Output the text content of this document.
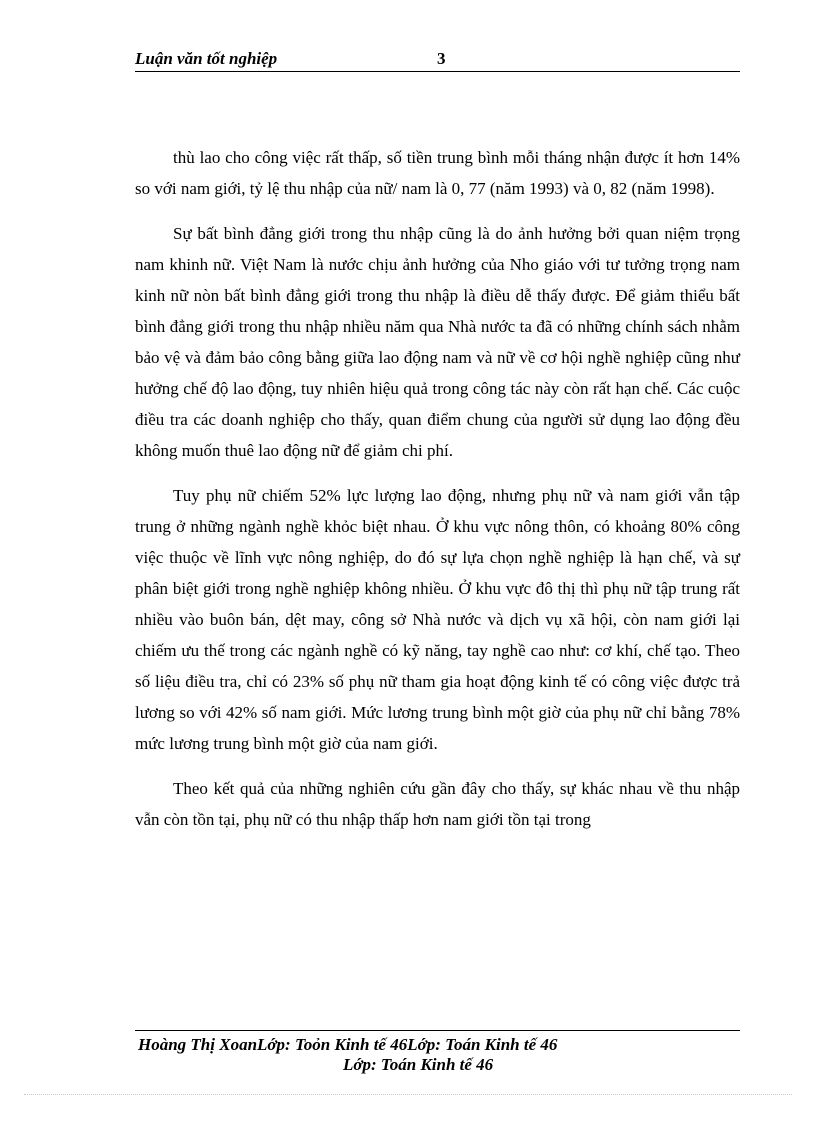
Luận văn tốt nghiệp	3

thù lao cho công việc rất thấp, số tiền trung bình mỗi tháng nhận được ít hơn 14% so với nam giới, tỷ lệ thu nhập của nữ/ nam là 0, 77 (năm 1993) và 0, 82 (năm 1998).

Sự bất bình đẳng giới trong thu nhập cũng là do ảnh hưởng bởi quan niệm trọng nam khinh nữ. Việt Nam là nước chịu ảnh hưởng của Nho giáo với tư tưởng trọng nam kinh nữ nòn bất bình đẳng giới trong thu nhập là điều dễ thấy được. Để giảm thiểu bất bình đẳng giới trong thu nhập nhiều năm qua Nhà nước ta đã có những chính sách nhằm bảo vệ và đảm bảo công bằng giữa lao động nam và nữ về cơ hội nghề nghiệp cũng như hưởng chế độ lao động, tuy nhiên hiệu quả trong công tác này còn rất hạn chế. Các cuộc điều tra các doanh nghiệp cho thấy, quan điểm chung của người sử dụng lao động đều không muốn thuê lao động nữ để giảm chi phí.

Tuy phụ nữ chiếm 52% lực lượng lao động, nhưng phụ nữ và nam giới vẫn tập trung ở những ngành nghề khỏc biệt nhau. Ở khu vực nông thôn, có khoảng 80% công việc thuộc về lĩnh vực nông nghiệp, do đó sự lựa chọn nghề nghiệp là hạn chế, và sự phân biệt giới trong nghề nghiệp không nhiều. Ở khu vực đô thị thì phụ nữ tập trung rất nhiều vào buôn bán, dệt may, công sở Nhà nước và dịch vụ xã hội, còn nam giới lại chiếm ưu thế trong các ngành nghề có kỹ năng, tay nghề cao như: cơ khí, chế tạo. Theo số liệu điều tra, chỉ có 23% số phụ nữ tham gia hoạt động kinh tế có công việc được trả lương so với 42% số nam giới. Mức lương trung bình một giờ của phụ nữ chỉ bằng 78% mức lương trung bình một giờ của nam giới.

Theo kết quả của những nghiên cứu gần đây cho thấy, sự khác nhau về thu nhập vẫn còn tồn tại, phụ nữ có thu nhập thấp hơn nam giới tồn tại trong

Hoàng Thị XoanLớp: Toỏn Kinh tế 46Lớp: Toán Kinh tế 46
Lớp: Toán Kinh tế 46
